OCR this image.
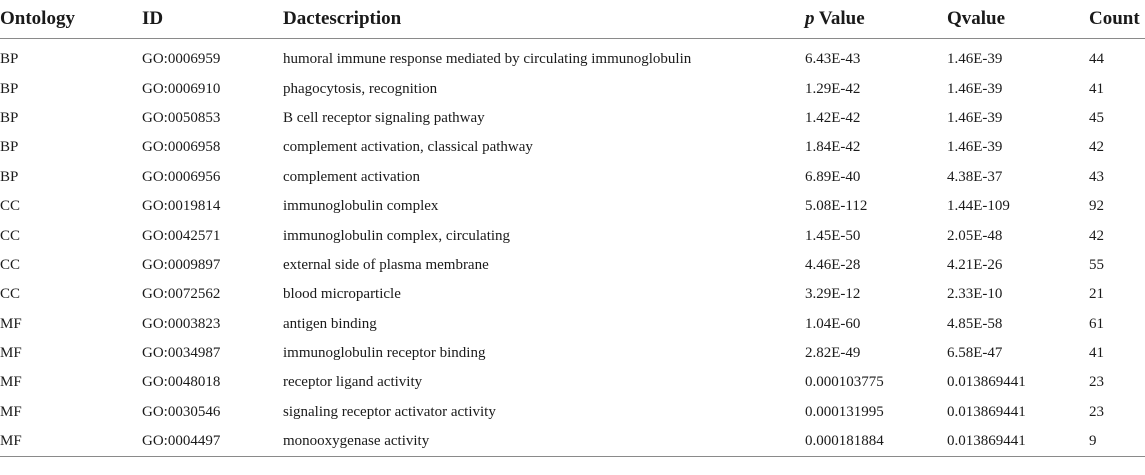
Ontology	ID	Dactescription	p Value	Qvalue	Count

BP	GO:0006959	humoral immune response mediated by circulating immunoglobulin	6.43E-43	1.46E-39	44
BP	GO:0006910	phagocytosis, recognition	1.29E-42	1.46E-39	41
BP	GO:0050853	B cell receptor signaling pathway	1.42E-42	1.46E-39	45
BP	GO:0006958	complement activation, classical pathway	1.84E-42	1.46E-39	42
BP	GO:0006956	complement activation	6.89E-40	4.38E-37	43
CC	GO:0019814	immunoglobulin complex	5.08E-112	1.44E-109	92
CC	GO:0042571	immunoglobulin complex, circulating	1.45E-50	2.05E-48	42
CC	GO:0009897	external side of plasma membrane	4.46E-28	4.21E-26	55
CC	GO:0072562	blood microparticle	3.29E-12	2.33E-10	21
MF	GO:0003823	antigen binding	1.04E-60	4.85E-58	61
MF	GO:0034987	immunoglobulin receptor binding	2.82E-49	6.58E-47	41
MF	GO:0048018	receptor ligand activity	0.000103775	0.013869441	23
MF	GO:0030546	signaling receptor activator activity	0.000131995	0.013869441	23
MF	GO:0004497	monooxygenase activity	0.000181884	0.013869441	9
